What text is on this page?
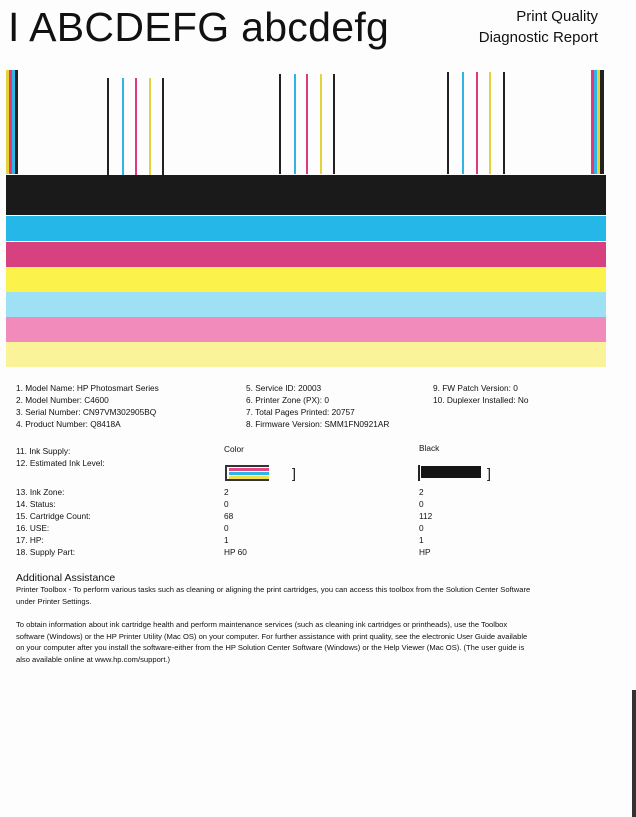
I ABCDEFG abcdefg	Print Quality
Diagnostic Report
1. Model Name: HP Photosmart Series
2. Model Number: C4600
3. Serial Number: CN97VM302905BQ
4. Product Number: Q8418A
5. Service ID: 20003
6. Printer Zone (PX): 0
7. Total Pages Printed: 20757
8. Firmware Version: SMM1FN0921AR
9. FW Patch Version: 0
10. Duplexer Installed: No
11. Ink Supply:
12. Estimated Ink Level:
Color	Black
]	]
13. Ink Zone:	2	2
14. Status:	0	0
15. Cartridge Count:	68	112
16. USE:	0	0
17. HP:	1	1
18. Supply Part:	HP 60	HP
Additional Assistance
Printer Toolbox - To perform various tasks such as cleaning or aligning the print cartridges, you can access this toolbox from the Solution Center Software under Printer Settings.
To obtain information about ink cartridge health and perform maintenance services (such as cleaning ink cartridges or printheads), use the Toolbox software (Windows) or the HP Printer Utility (Mac OS) on your computer. For further assistance with print quality, see the electronic User Guide available on your computer after you install the software-either from the HP Solution Center Software (Windows) or the Help Viewer (Mac OS). (The user guide is also available online at www.hp.com/support.)
